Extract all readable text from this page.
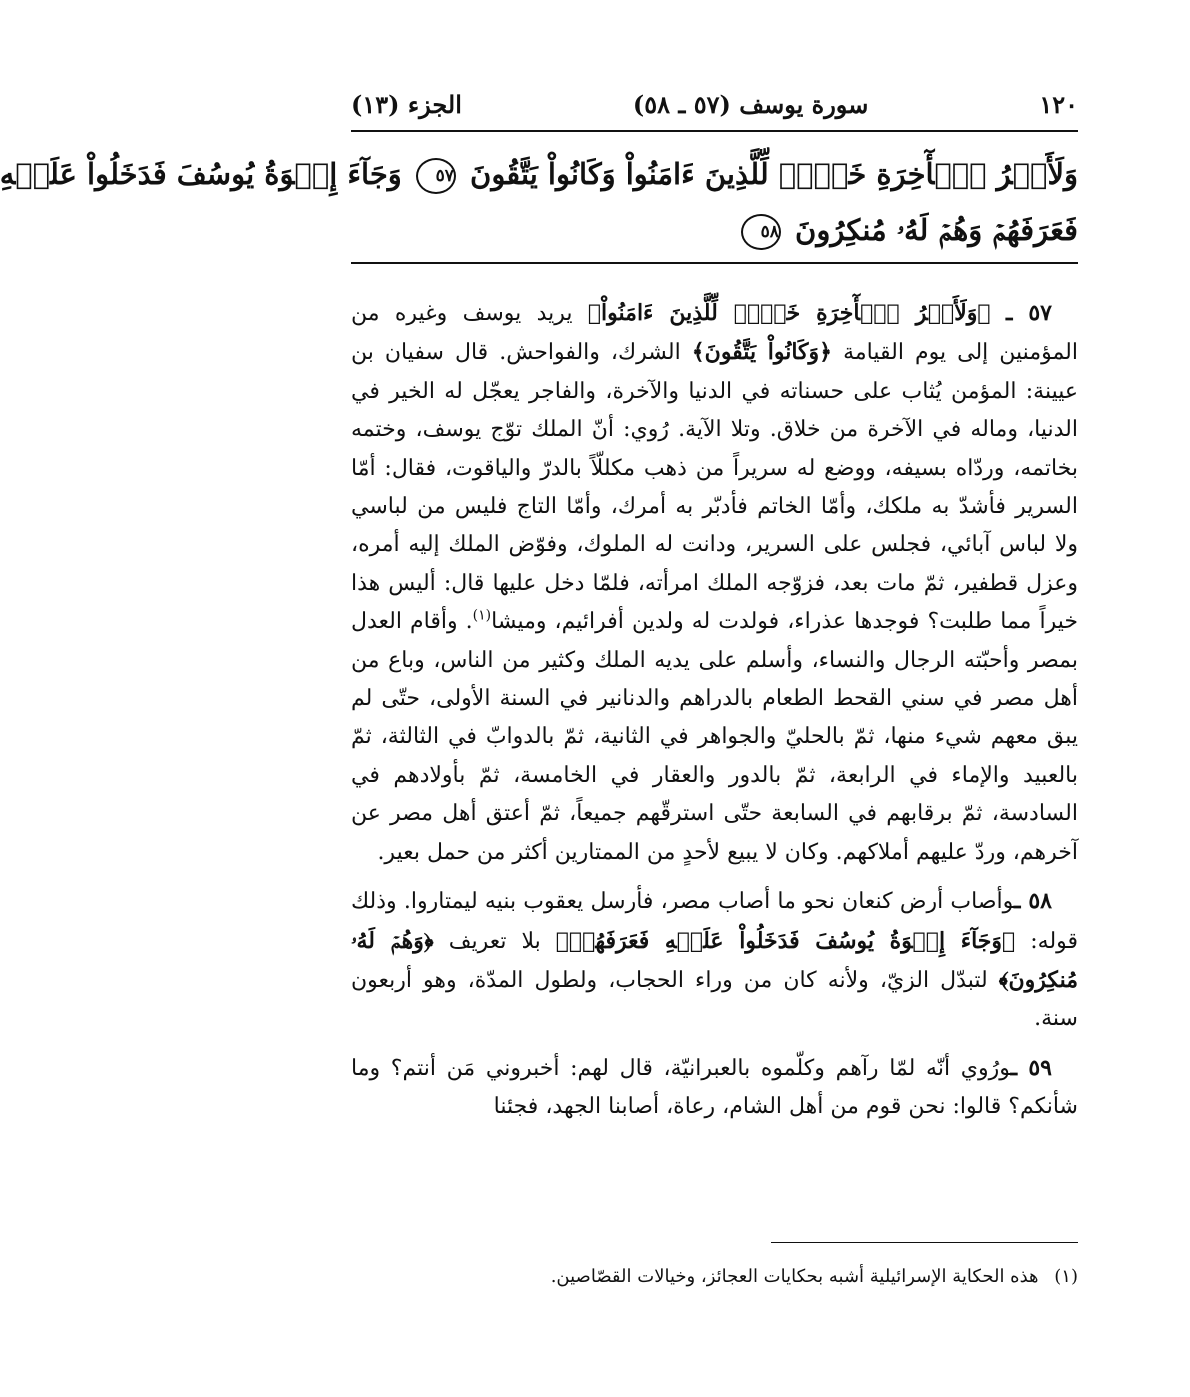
١٢٠
سورة يوسف (٥٧ ـ ٥٨)
الجزء (١٣)
وَلَأَجۡرُ ٱلۡأٓخِرَةِ خَيۡرٞ لِّلَّذِينَ ءَامَنُواْ وَكَانُواْ يَتَّقُونَ ٥٧ وَجَآءَ إِخۡوَةُ يُوسُفَ فَدَخَلُواْ عَلَيۡهِ
فَعَرَفَهُمۡ وَهُمۡ لَهُۥ مُنكِرُونَ ٥٨

٥٧ ـ ﴿وَلَأَجۡرُ ٱلۡأٓخِرَةِ خَيۡرٞ لِّلَّذِينَ ءَامَنُواْ﴾ يريد يوسف وغيره من المؤمنين إلى يوم القيامة ﴿وَكَانُواْ يَتَّقُونَ﴾ الشرك، والفواحش. قال سفيان بن عيينة: المؤمن يُثاب على حسناته في الدنيا والآخرة، والفاجر يعجّل له الخير في الدنيا، وماله في الآخرة من خلاق. وتلا الآية. رُوي: أنّ الملك توّج يوسف، وختمه بخاتمه، وردّاه بسيفه، ووضع له سريراً من ذهب مكللّاً بالدرّ والياقوت، فقال: أمّا السرير فأشدّ به ملكك، وأمّا الخاتم فأدبّر به أمرك، وأمّا التاج فليس من لباسي ولا لباس آبائي، فجلس على السرير، ودانت له الملوك، وفوّض الملك إليه أمره، وعزل قطفير، ثمّ مات بعد، فزوّجه الملك امرأته، فلمّا دخل عليها قال: أليس هذا خيراً مما طلبت؟ فوجدها عذراء، فولدت له ولدين أفرائيم، وميشا$^{(١)}$. وأقام العدل بمصر وأحبّته الرجال والنساء، وأسلم على يديه الملك وكثير من الناس، وباع من أهل مصر في سني القحط الطعام بالدراهم والدنانير في السنة الأولى، حتّى لم يبق معهم شيء منها، ثمّ بالحليّ والجواهر في الثانية، ثمّ بالدوابّ في الثالثة، ثمّ بالعبيد والإماء في الرابعة، ثمّ بالدور والعقار في الخامسة، ثمّ بأولادهم في السادسة، ثمّ برقابهم في السابعة حتّى استرقّهم جميعاً، ثمّ أعتق أهل مصر عن آخرهم، وردّ عليهم أملاكهم. وكان لا يبيع لأحدٍ من الممتارين أكثر من حمل بعير.

٥٨ ـوأصاب أرض كنعان نحو ما أصاب مصر، فأرسل يعقوب بنيه ليمتاروا. وذلك قوله: ﴿وَجَآءَ إِخۡوَةُ يُوسُفَ فَدَخَلُواْ عَلَيۡهِ فَعَرَفَهُمۡ﴾ بلا تعريف ﴿وَهُمۡ لَهُۥ مُنكِرُونَ﴾ لتبدّل الزيّ، ولأنه كان من وراء الحجاب، ولطول المدّة، وهو أربعون سنة.

٥٩ ـورُوي أنّه لمّا رآهم وكلّموه بالعبرانيّة، قال لهم: أخبروني مَن أنتم؟ وما شأنكم؟ قالوا: نحن قوم من أهل الشام، رعاة، أصابنا الجهد، فجئنا

(١) هذه الحكاية الإسرائيلية أشبه بحكايات العجائز، وخيالات القصّاصين.
